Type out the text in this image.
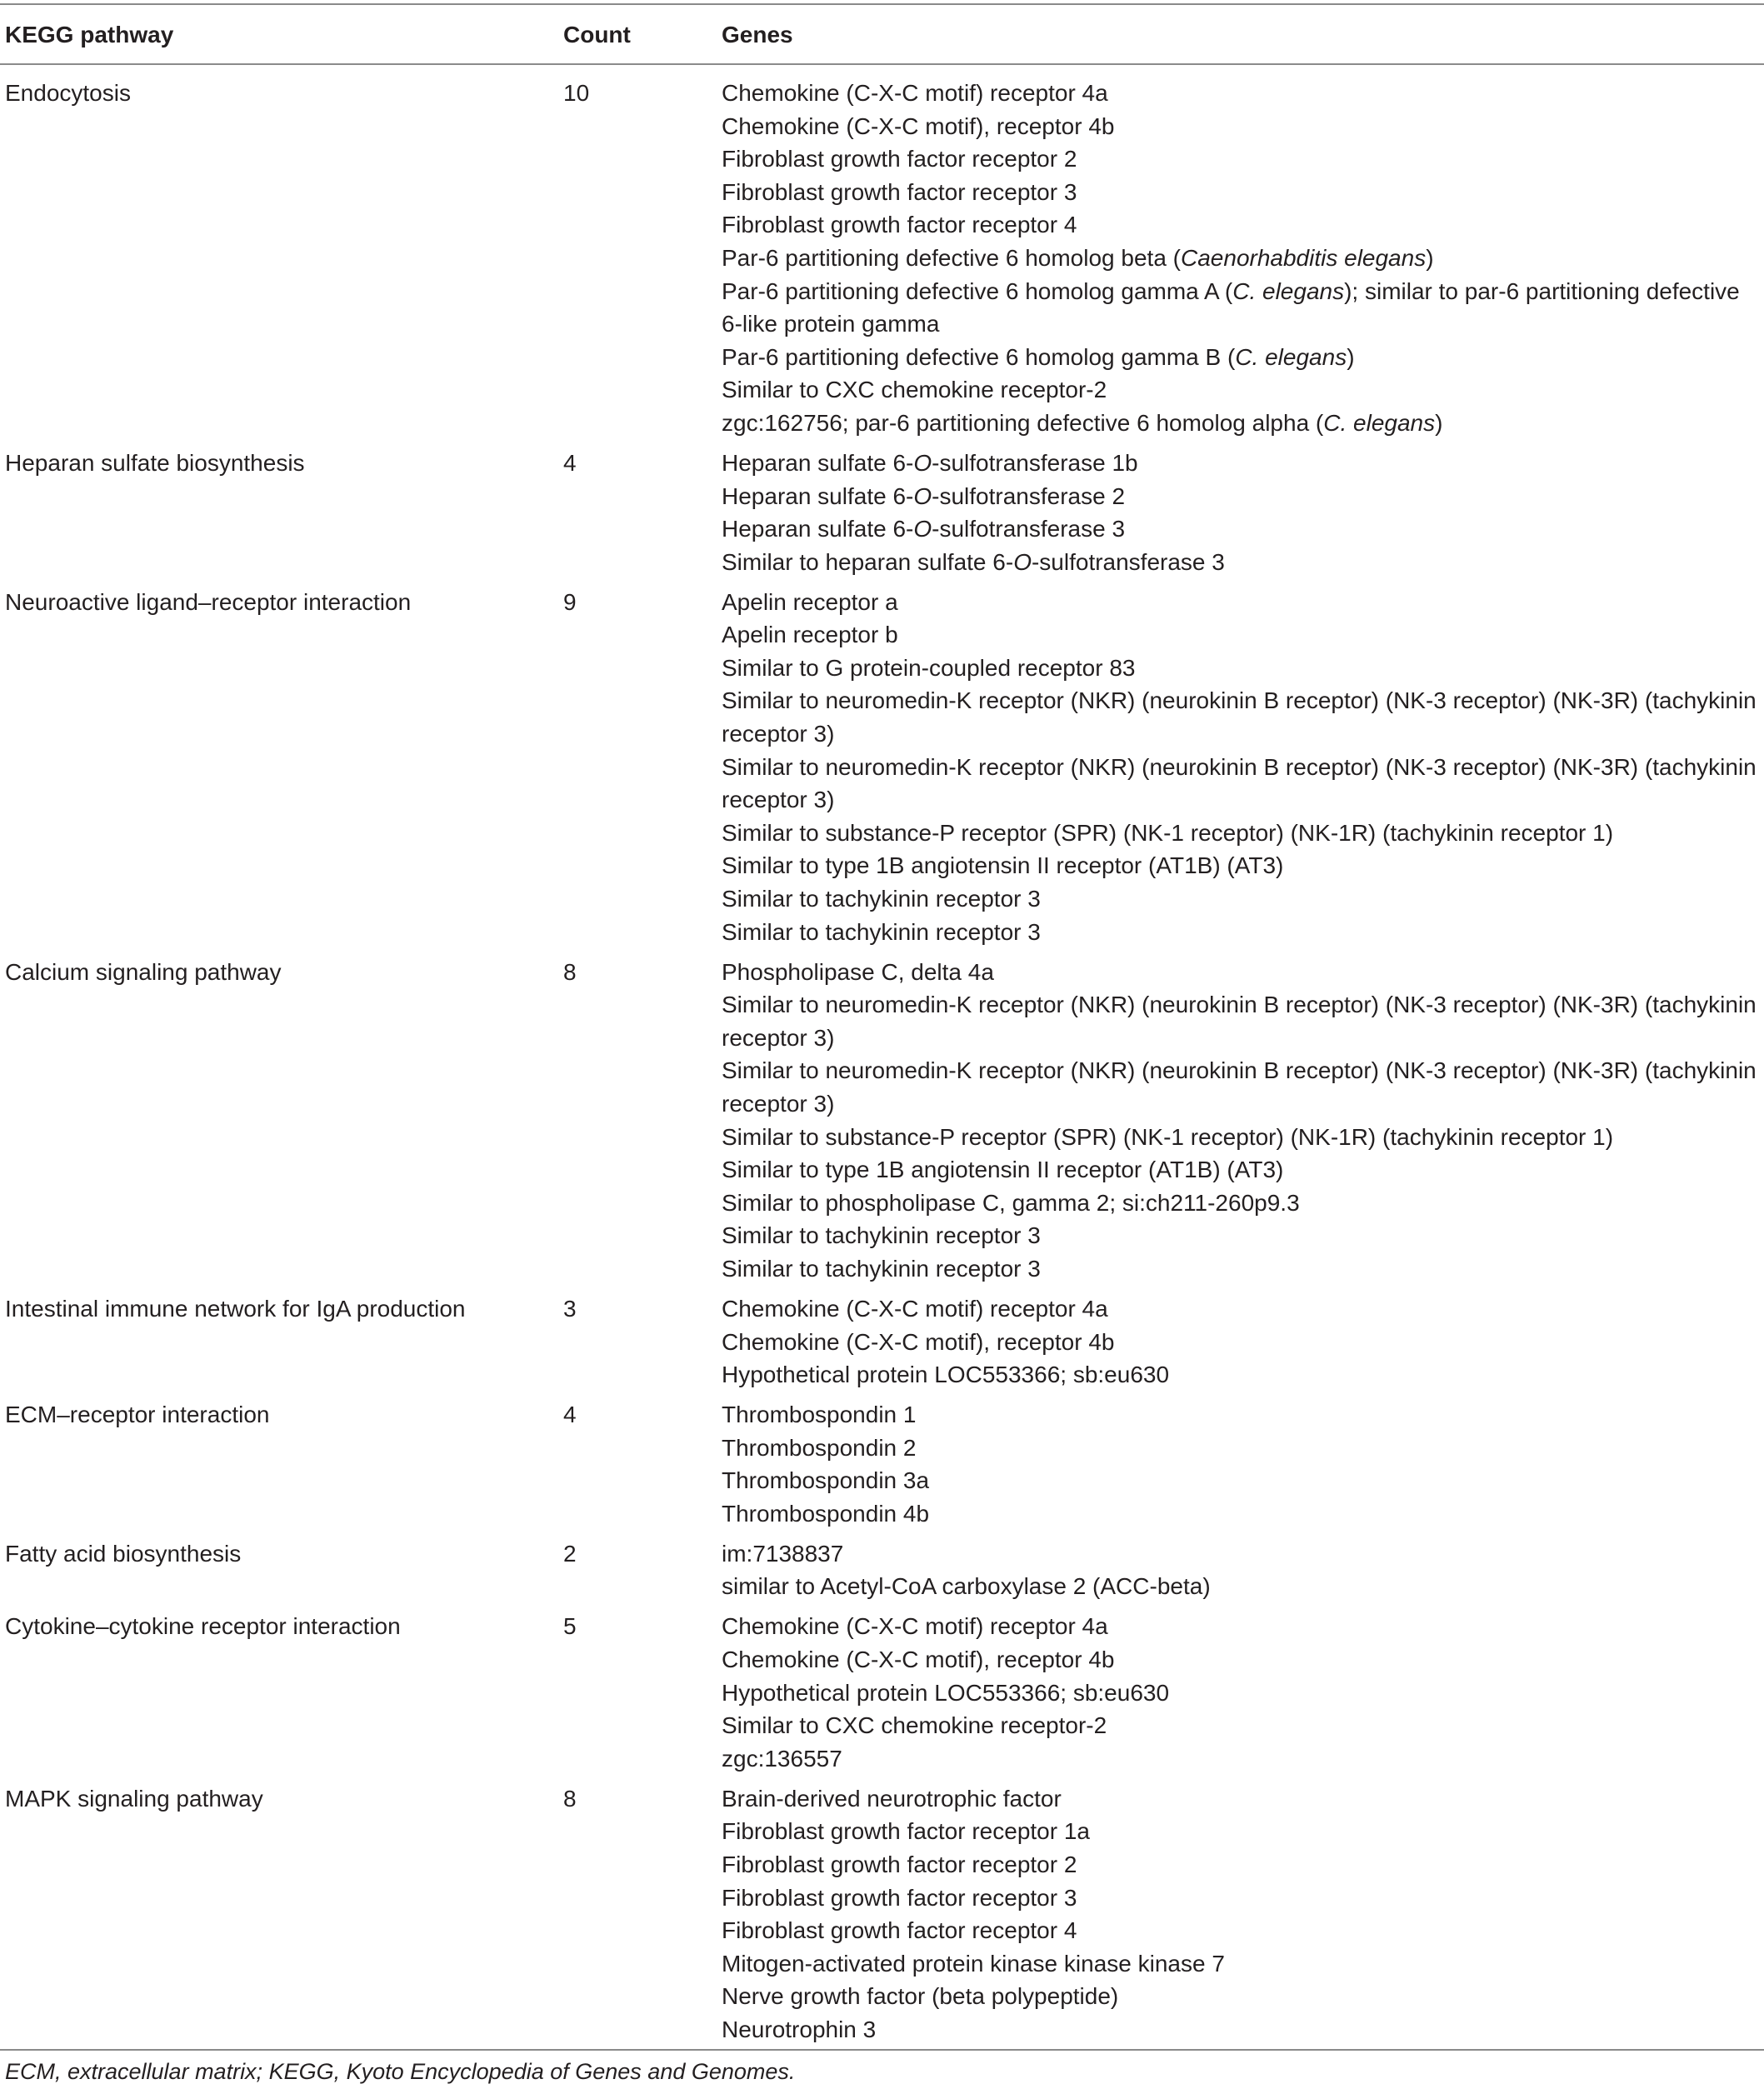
KEGG pathway	Count	Genes
Endocytosis	10	Chemokine (C-X-C motif) receptor 4a
Chemokine (C-X-C motif), receptor 4b
Fibroblast growth factor receptor 2
Fibroblast growth factor receptor 3
Fibroblast growth factor receptor 4
Par-6 partitioning defective 6 homolog beta (Caenorhabditis elegans)
Par-6 partitioning defective 6 homolog gamma A (C. elegans); similar to par-6 partitioning defective 6-like protein gamma
Par-6 partitioning defective 6 homolog gamma B (C. elegans)
Similar to CXC chemokine receptor-2
zgc:162756; par-6 partitioning defective 6 homolog alpha (C. elegans)
Heparan sulfate biosynthesis	4	Heparan sulfate 6-O-sulfotransferase 1b
Heparan sulfate 6-O-sulfotransferase 2
Heparan sulfate 6-O-sulfotransferase 3
Similar to heparan sulfate 6-O-sulfotransferase 3
Neuroactive ligand–receptor interaction	9	Apelin receptor a
Apelin receptor b
Similar to G protein-coupled receptor 83
Similar to neuromedin-K receptor (NKR) (neurokinin B receptor) (NK-3 receptor) (NK-3R) (tachykinin receptor 3)
Similar to neuromedin-K receptor (NKR) (neurokinin B receptor) (NK-3 receptor) (NK-3R) (tachykinin receptor 3)
Similar to substance-P receptor (SPR) (NK-1 receptor) (NK-1R) (tachykinin receptor 1)
Similar to type 1B angiotensin II receptor (AT1B) (AT3)
Similar to tachykinin receptor 3
Similar to tachykinin receptor 3
Calcium signaling pathway	8	Phospholipase C, delta 4a
Similar to neuromedin-K receptor (NKR) (neurokinin B receptor) (NK-3 receptor) (NK-3R) (tachykinin receptor 3)
Similar to neuromedin-K receptor (NKR) (neurokinin B receptor) (NK-3 receptor) (NK-3R) (tachykinin receptor 3)
Similar to substance-P receptor (SPR) (NK-1 receptor) (NK-1R) (tachykinin receptor 1)
Similar to type 1B angiotensin II receptor (AT1B) (AT3)
Similar to phospholipase C, gamma 2; si:ch211-260p9.3
Similar to tachykinin receptor 3
Similar to tachykinin receptor 3
Intestinal immune network for IgA production	3	Chemokine (C-X-C motif) receptor 4a
Chemokine (C-X-C motif), receptor 4b
Hypothetical protein LOC553366; sb:eu630
ECM–receptor interaction	4	Thrombospondin 1
Thrombospondin 2
Thrombospondin 3a
Thrombospondin 4b
Fatty acid biosynthesis	2	im:7138837
similar to Acetyl-CoA carboxylase 2 (ACC-beta)
Cytokine–cytokine receptor interaction	5	Chemokine (C-X-C motif) receptor 4a
Chemokine (C-X-C motif), receptor 4b
Hypothetical protein LOC553366; sb:eu630
Similar to CXC chemokine receptor-2
zgc:136557
MAPK signaling pathway	8	Brain-derived neurotrophic factor
Fibroblast growth factor receptor 1a
Fibroblast growth factor receptor 2
Fibroblast growth factor receptor 3
Fibroblast growth factor receptor 4
Mitogen-activated protein kinase kinase kinase 7
Nerve growth factor (beta polypeptide)
Neurotrophin 3
ECM, extracellular matrix; KEGG, Kyoto Encyclopedia of Genes and Genomes.
